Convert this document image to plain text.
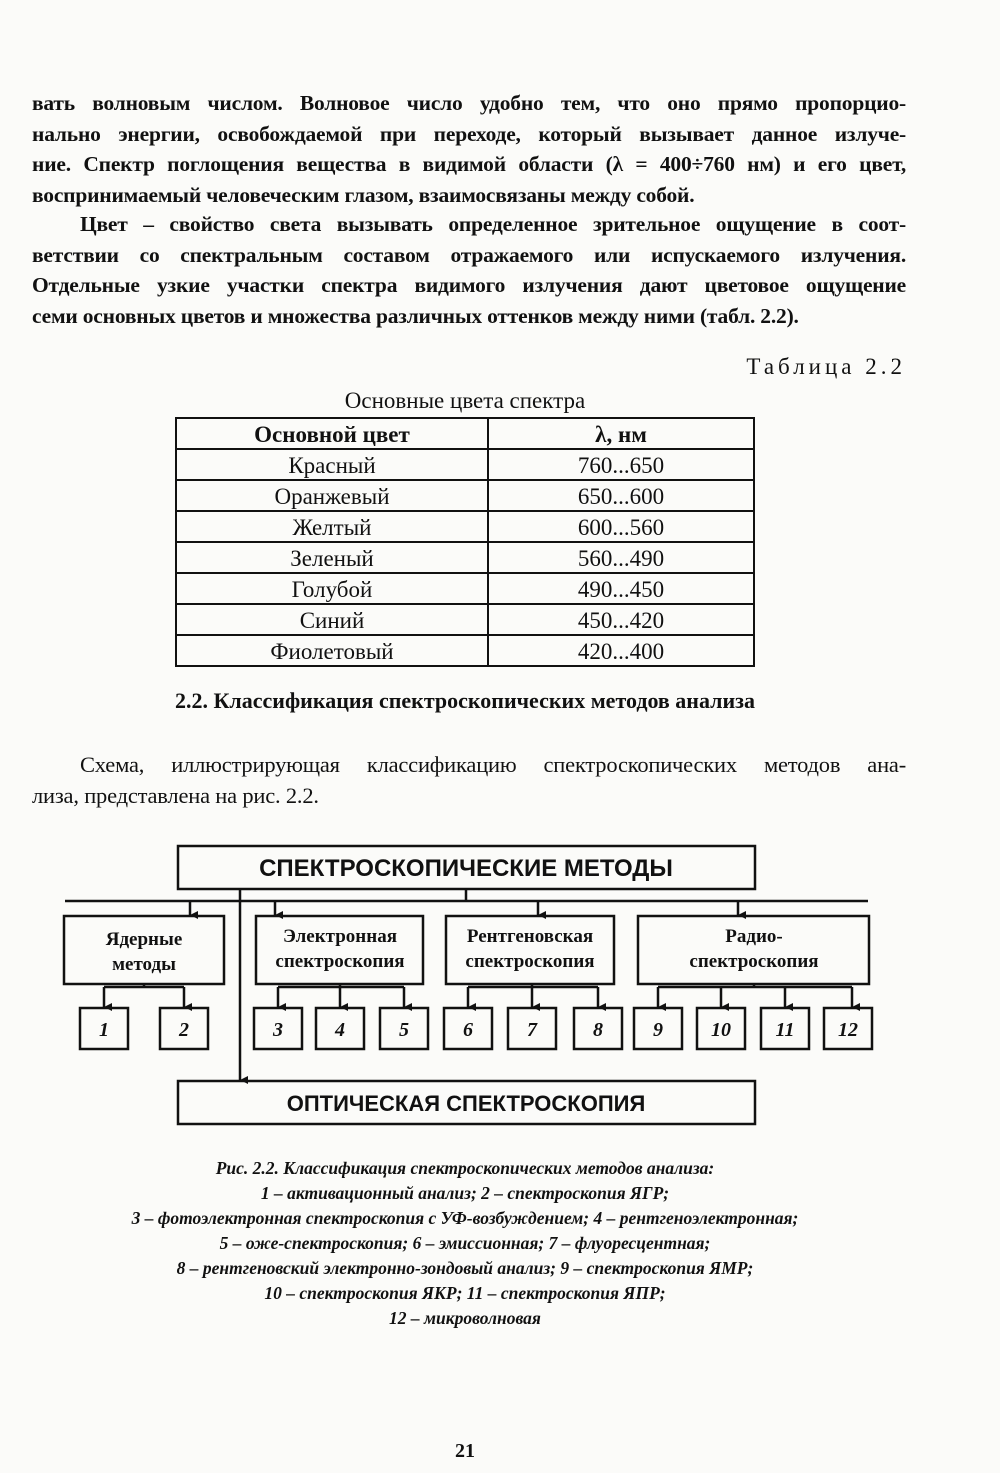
вать волновым числом. Волновое число удобно тем, что оно прямо пропорцио-
нально энергии, освобождаемой при переходе, который вызывает данное излуче-
ние. Спектр поглощения вещества в видимой области (λ = 400÷760 нм) и его цвет,
воспринимаемый человеческим глазом, взаимосвязаны между собой.
Цвет – свойство света вызывать определенное зрительное ощущение в соот-
ветствии со спектральным составом отражаемого или испускаемого излучения.
Отдельные узкие участки спектра видимого излучения дают цветовое ощущение
семи основных цветов и множества различных оттенков между ними (табл. 2.2).
Таблица 2.2
Основные цвета спектра
Основной цвет	λ, нм
Красный	760...650
Оранжевый	650...600
Желтый	600...560
Зеленый	560...490
Голубой	490...450
Синий	450...420
Фиолетовый	420...400
2.2. Классификация спектроскопических методов анализа
Схема, иллюстрирующая классификацию спектроскопических методов ана-
лиза, представлена на рис. 2.2.
СПЕКТРОСКОПИЧЕСКИЕ МЕТОДЫ
ОПТИЧЕСКАЯ СПЕКТРОСКОПИЯ
Ядерные
методы
Электронная
спектроскопия
Рентгеновская
спектроскопия
Радио-
спектроскопия
1	2	3	4	5	6	7	8	9 10 11 12
Рис. 2.2. Классификация спектроскопических методов анализа:
1 – активационный анализ; 2 – спектроскопия ЯГР;
3 – фотоэлектронная спектроскопия с УФ-возбуждением; 4 – рентгеноэлектронная;
5 – оже-спектроскопия; 6 – эмиссионная; 7 – флуоресцентная;
8 – рентгеновский электронно-зондовый анализ; 9 – спектроскопия ЯМР;
10 – спектроскопия ЯКР; 11 – спектроскопия ЯПР;
12 – микроволновая
21
